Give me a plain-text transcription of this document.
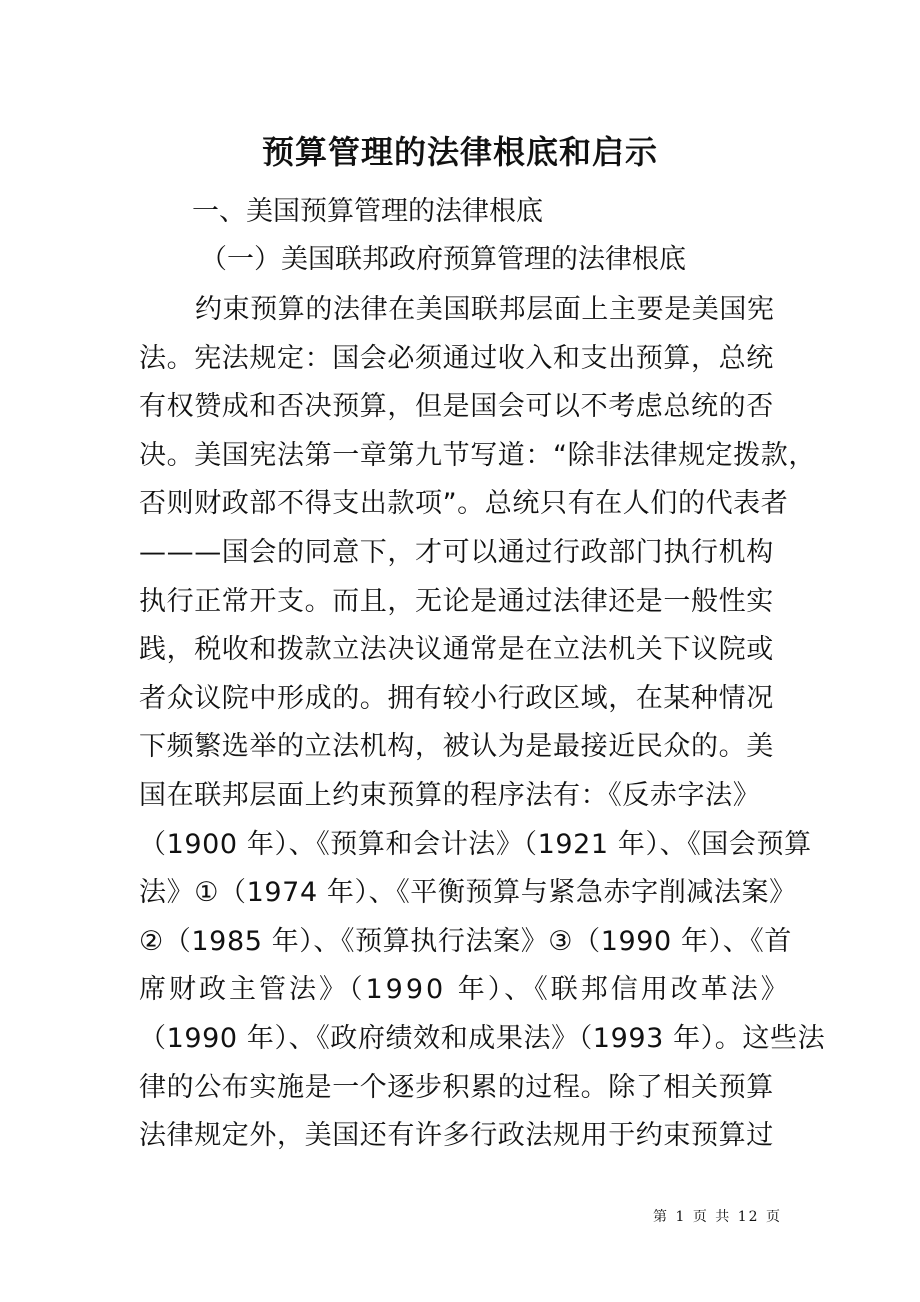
预算管理的法律根底和启示
一、美国预算管理的法律根底
（一）美国联邦政府预算管理的法律根底
约束预算的法律在美国联邦层面上主要是美国宪
法。宪法规定：国会必须通过收入和支出预算，总统
有权赞成和否决预算，但是国会可以不考虑总统的否
决。美国宪法第一章第九节写道：“除非法律规定拨款，
否则财政部不得支出款项”。总统只有在人们的代表者
———国会的同意下，才可以通过行政部门执行机构
执行正常开支。而且，无论是通过法律还是一般性实
践，税收和拨款立法决议通常是在立法机关下议院或
者众议院中形成的。拥有较小行政区域，在某种情况
下频繁选举的立法机构，被认为是最接近民众的。美
国在联邦层面上约束预算的程序法有：《反赤字法》
（1900 年）、《预算和会计法》（1921 年）、《国会预算
法》①（1974 年）、《平衡预算与紧急赤字削减法案》
②（1985 年）、《预算执行法案》③（1990 年）、《首
席财政主管法》（1990 年）、《联邦信用改革法》
（1990 年）、《政府绩效和成果法》（1993 年）。这些法
律的公布实施是一个逐步积累的过程。除了相关预算
法律规定外，美国还有许多行政法规用于约束预算过
第 1 页 共 12 页
